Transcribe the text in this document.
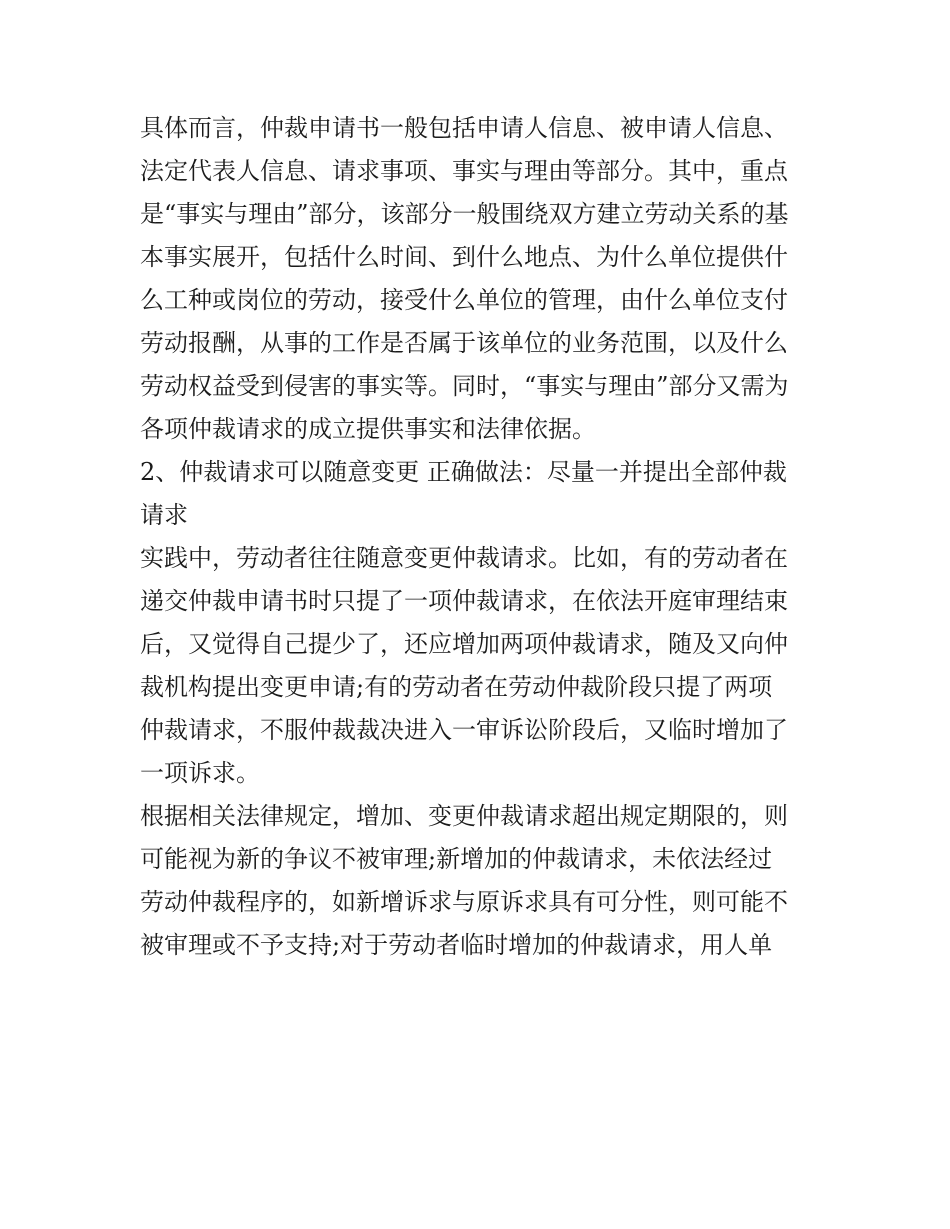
具体而言，仲裁申请书一般包括申请人信息、被申请人信息、
法定代表人信息、请求事项、事实与理由等部分。其中，重点
是“事实与理由”部分，该部分一般围绕双方建立劳动关系的基
本事实展开，包括什么时间、到什么地点、为什么单位提供什
么工种或岗位的劳动，接受什么单位的管理，由什么单位支付
劳动报酬，从事的工作是否属于该单位的业务范围，以及什么
劳动权益受到侵害的事实等。同时，“事实与理由”部分又需为
各项仲裁请求的成立提供事实和法律依据。
2、仲裁请求可以随意变更 正确做法：尽量一并提出全部仲裁
请求
实践中，劳动者往往随意变更仲裁请求。比如，有的劳动者在
递交仲裁申请书时只提了一项仲裁请求，在依法开庭审理结束
后，又觉得自己提少了，还应增加两项仲裁请求，随及又向仲
裁机构提出变更申请;有的劳动者在劳动仲裁阶段只提了两项
仲裁请求，不服仲裁裁决进入一审诉讼阶段后，又临时增加了
一项诉求。
根据相关法律规定，增加、变更仲裁请求超出规定期限的，则
可能视为新的争议不被审理;新增加的仲裁请求，未依法经过
劳动仲裁程序的，如新增诉求与原诉求具有可分性，则可能不
被审理或不予支持;对于劳动者临时增加的仲裁请求，用人单
